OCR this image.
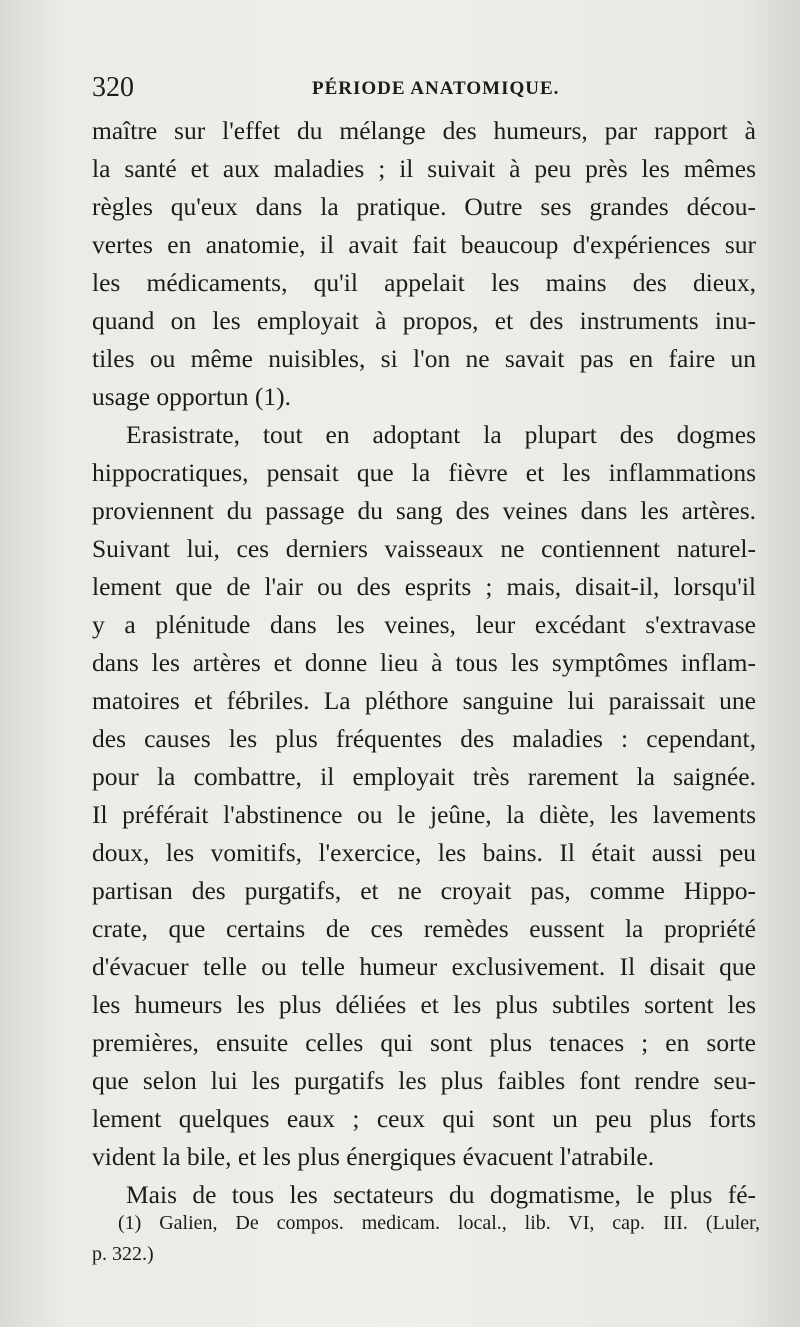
320	PÉRIODE ANATOMIQUE.
maître sur l'effet du mélange des humeurs, par rapport à
la santé et aux maladies ; il suivait à peu près les mêmes
règles qu'eux dans la pratique. Outre ses grandes décou-
vertes en anatomie, il avait fait beaucoup d'expériences sur
les médicaments, qu'il appelait les mains des dieux,
quand on les employait à propos, et des instruments inu-
tiles ou même nuisibles, si l'on ne savait pas en faire un
usage opportun (1).
Erasistrate, tout en adoptant la plupart des dogmes
hippocratiques, pensait que la fièvre et les inflammations
proviennent du passage du sang des veines dans les artères.
Suivant lui, ces derniers vaisseaux ne contiennent naturel-
lement que de l'air ou des esprits ; mais, disait-il, lorsqu'il
y a plénitude dans les veines, leur excédant s'extravase
dans les artères et donne lieu à tous les symptômes inflam-
matoires et fébriles. La pléthore sanguine lui paraissait une
des causes les plus fréquentes des maladies : cependant,
pour la combattre, il employait très rarement la saignée.
Il préférait l'abstinence ou le jeûne, la diète, les lavements
doux, les vomitifs, l'exercice, les bains. Il était aussi peu
partisan des purgatifs, et ne croyait pas, comme Hippo-
crate, que certains de ces remèdes eussent la propriété
d'évacuer telle ou telle humeur exclusivement. Il disait que
les humeurs les plus déliées et les plus subtiles sortent les
premières, ensuite celles qui sont plus tenaces ; en sorte
que selon lui les purgatifs les plus faibles font rendre seu-
lement quelques eaux ; ceux qui sont un peu plus forts
vident la bile, et les plus énergiques évacuent l'atrabile.
Mais de tous les sectateurs du dogmatisme, le plus fé-
(1) Galien, De compos. medicam. local., lib. VI, cap. III. (Luler,
p. 322.)
